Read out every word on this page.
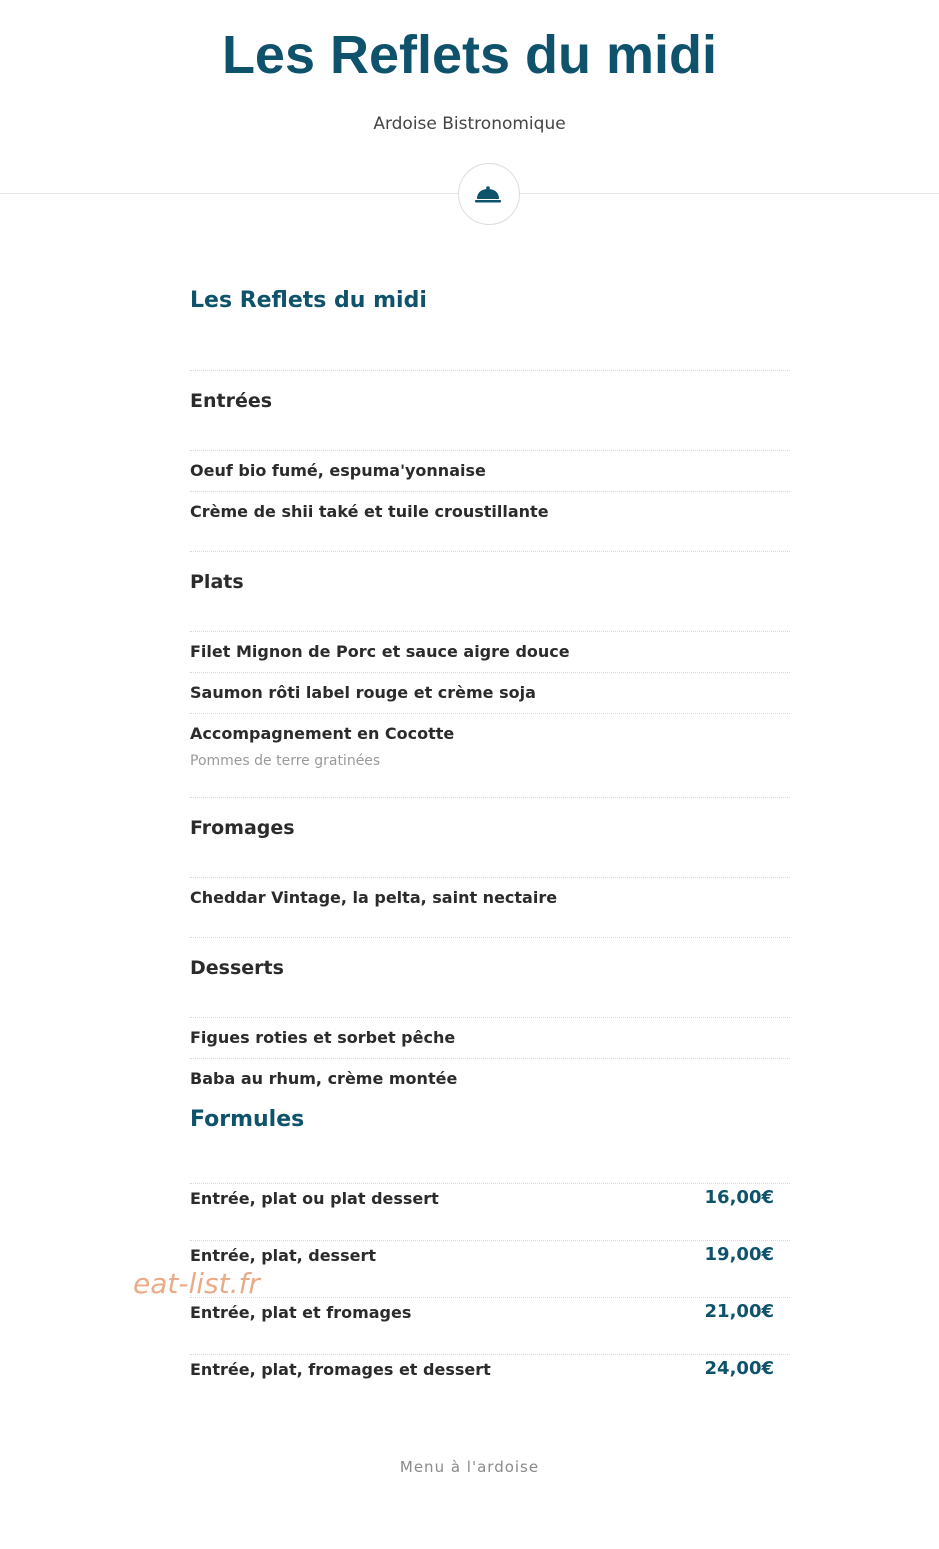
Les Reflets du midi
Ardoise Bistronomique
Les Reflets du midi
Entrées
Oeuf bio fumé, espuma'yonnaise
Crème de shii také et tuile croustillante
Plats
Filet Mignon de Porc et sauce aigre douce
Saumon rôti label rouge et crème soja
Accompagnement en Cocotte
Pommes de terre gratinées
Fromages
Cheddar Vintage, la pelta, saint nectaire
Desserts
Figues roties et sorbet pêche
Baba au rhum, crème montée
Formules
Entrée, plat ou plat dessert	16,00€
Entrée, plat, dessert	19,00€
Entrée, plat et fromages	21,00€
Entrée, plat, fromages et dessert	24,00€
eat-list.fr
Menu à l'ardoise
